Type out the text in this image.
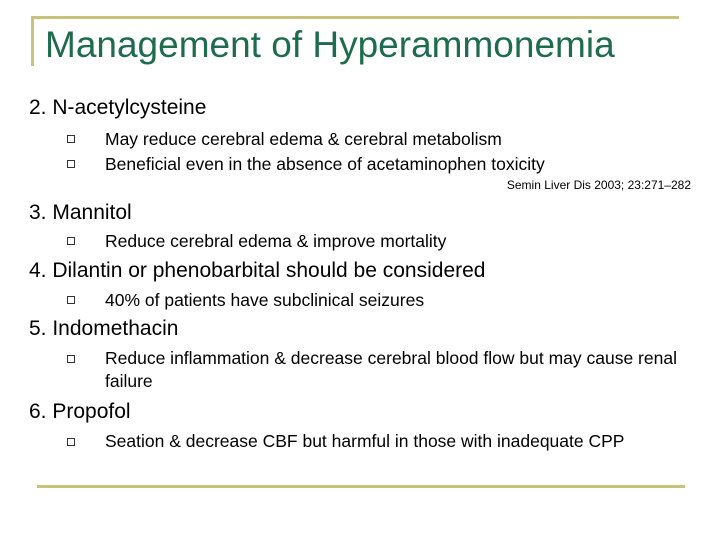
Management of Hyperammonemia
2. N-acetylcysteine
May reduce cerebral edema & cerebral metabolism
Beneficial even in the absence of acetaminophen toxicity
Semin Liver Dis 2003; 23:271–282
3. Mannitol
Reduce cerebral edema & improve mortality
4. Dilantin or phenobarbital should be considered
40% of patients have subclinical seizures
5. Indomethacin
Reduce inflammation & decrease cerebral blood flow but may cause renal failure
6. Propofol
Seation & decrease CBF but harmful in those with inadequate CPP
